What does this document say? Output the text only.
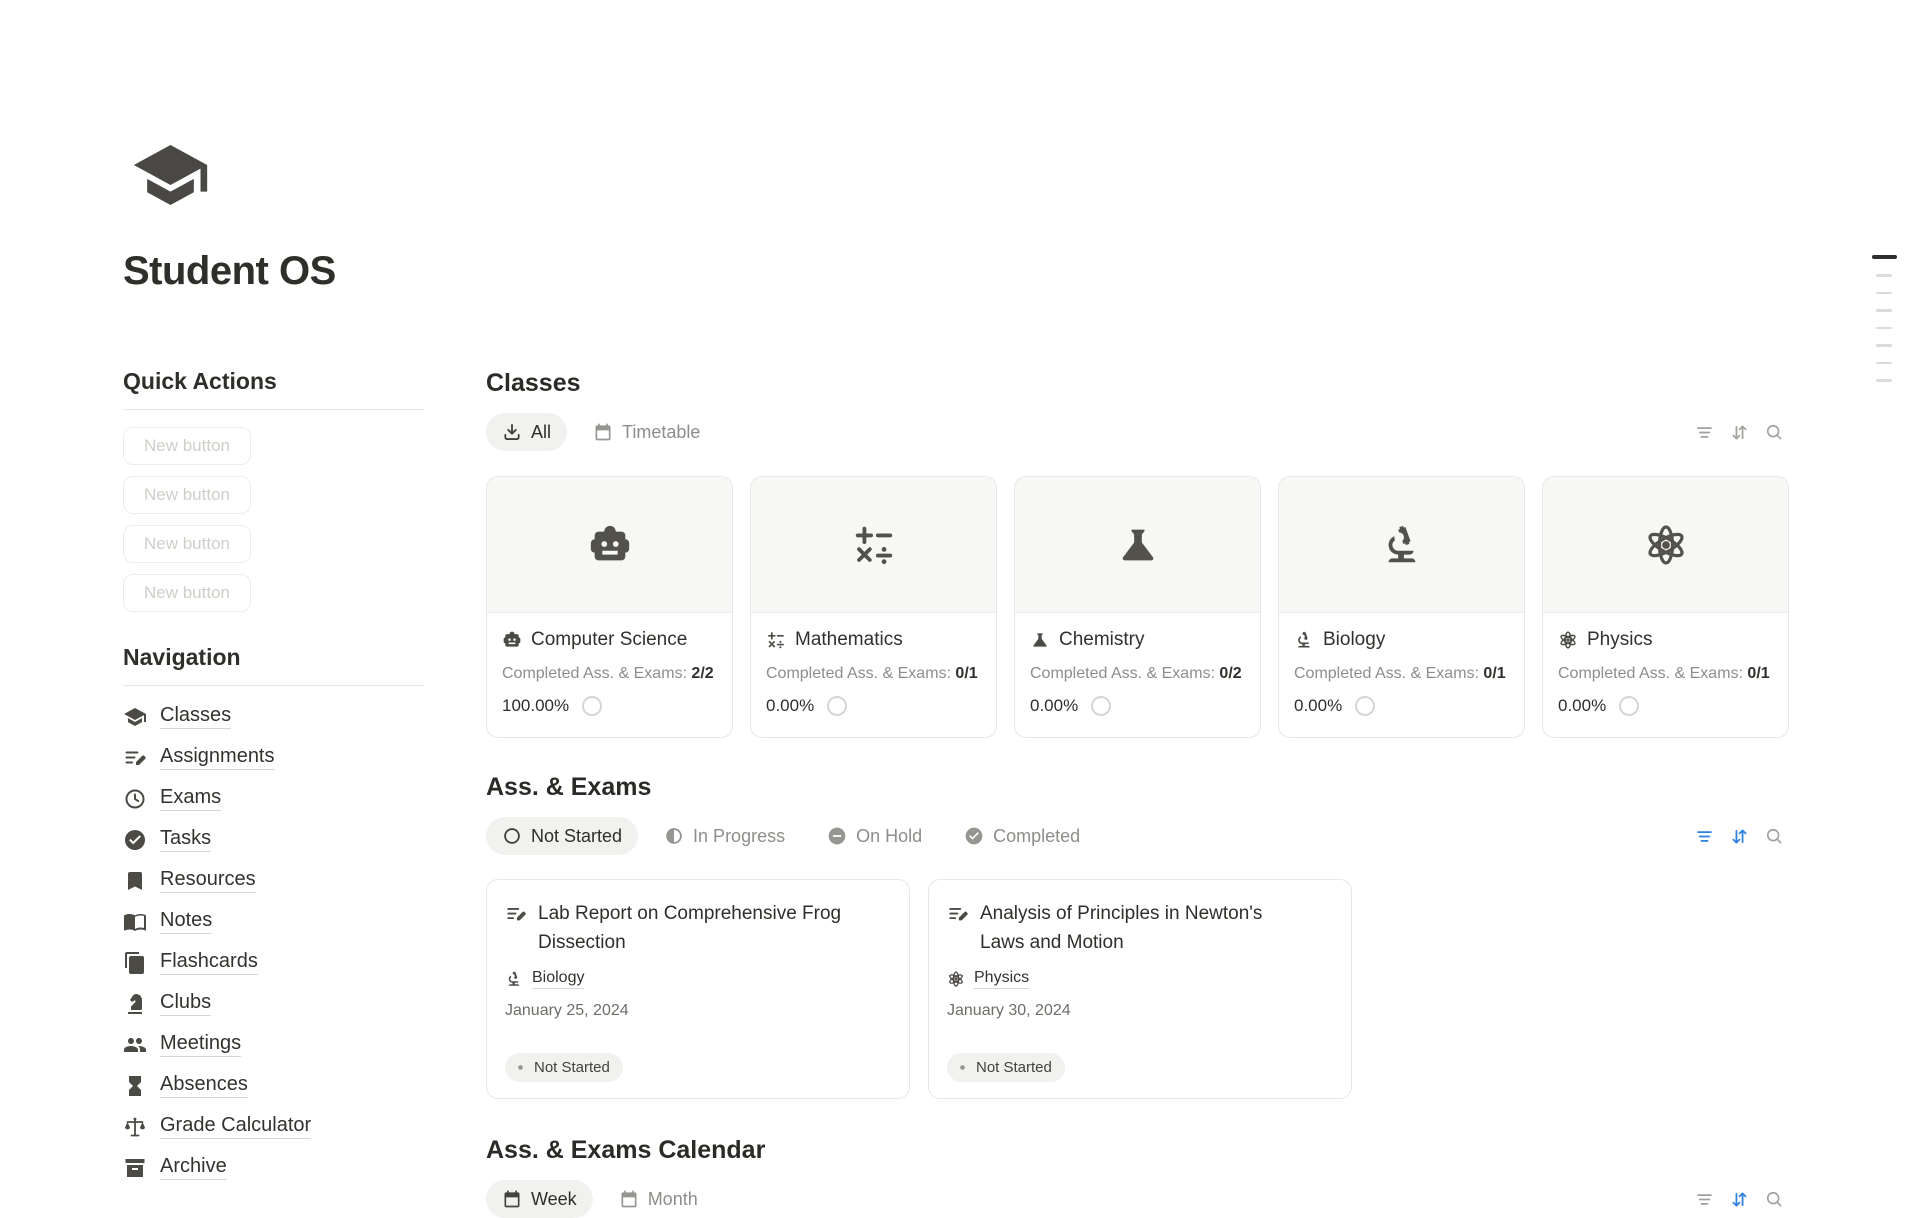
Student OS
Quick Actions
New button
New button
New button
New button
Navigation
Classes
Assignments
Exams
Tasks
Resources
Notes
Flashcards
Clubs
Meetings
Absences
Grade Calculator
Archive
Classes
All	Timetable
Computer Science
Completed Ass. & Exams: 2/2
100.00%
Mathematics
Completed Ass. & Exams: 0/1
0.00%
Chemistry
Completed Ass. & Exams: 0/2
0.00%
Biology
Completed Ass. & Exams: 0/1
0.00%
Physics
Completed Ass. & Exams: 0/1
0.00%
Ass. & Exams
Not Started	In Progress	On Hold	Completed
Lab Report on Comprehensive Frog Dissection
Biology
January 25, 2024
Not Started
Analysis of Principles in Newton's Laws and Motion
Physics
January 30, 2024
Not Started
Ass. & Exams Calendar
Week	Month
